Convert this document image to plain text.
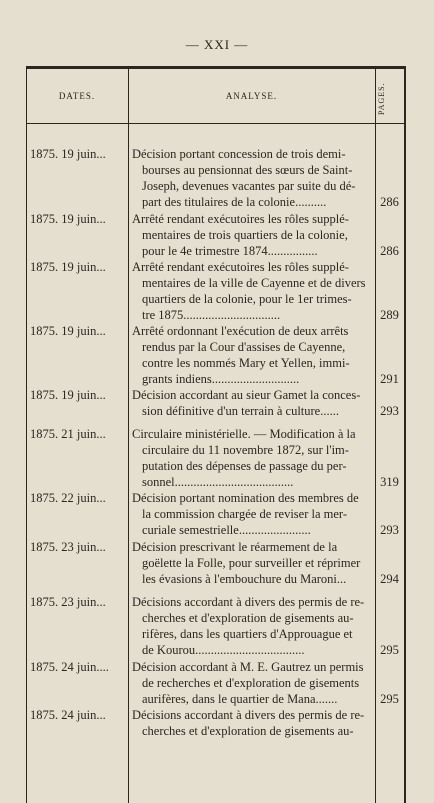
— XXI —
DATES.	ANALYSE.	PAGES.
1875. 19 juin...	Décision portant concession de trois demi-
bourses au pensionnat des sœurs de Saint-
Joseph, devenues vacantes par suite du dé-
part des titulaires de la colonie..........	286
1875. 19 juin...	Arrêté rendant exécutoires les rôles supplé-
mentaires de trois quartiers de la colonie,
pour le 4e trimestre 1874................	286
1875. 19 juin...	Arrêté rendant exécutoires les rôles supplé-
mentaires de la ville de Cayenne et de divers
quartiers de la colonie, pour le 1er trimes-
tre 1875...............................	289
1875. 19 juin...	Arrêté ordonnant l'exécution de deux arrêts
rendus par la Cour d'assises de Cayenne,
contre les nommés Mary et Yellen, immi-
grants indiens............................	291
1875. 19 juin...	Décision accordant au sieur Gamet la conces-
sion définitive d'un terrain à culture......	293
1875. 21 juin...	Circulaire ministérielle. — Modification à la
circulaire du 11 novembre 1872, sur l'im-
putation des dépenses de passage du per-
sonnel......................................	319
1875. 22 juin...	Décision portant nomination des membres de
la commission chargée de reviser la mer-
curiale semestrielle.......................	293
1875. 23 juin...	Décision prescrivant le réarmement de la
goëlette la Folle, pour surveiller et réprimer
les évasions à l'embouchure du Maroni...	294
1875. 23 juin...	Décisions accordant à divers des permis de re-
cherches et d'exploration de gisements au-
rifères, dans les quartiers d'Approuague et
de Kourou...................................	295
1875. 24 juin....	Décision accordant à M. E. Gautrez un permis
de recherches et d'exploration de gisements
aurifères, dans le quartier de Mana.......	295
1875. 24 juin...	Décisions accordant à divers des permis de re-
cherches et d'exploration de gisements au-
